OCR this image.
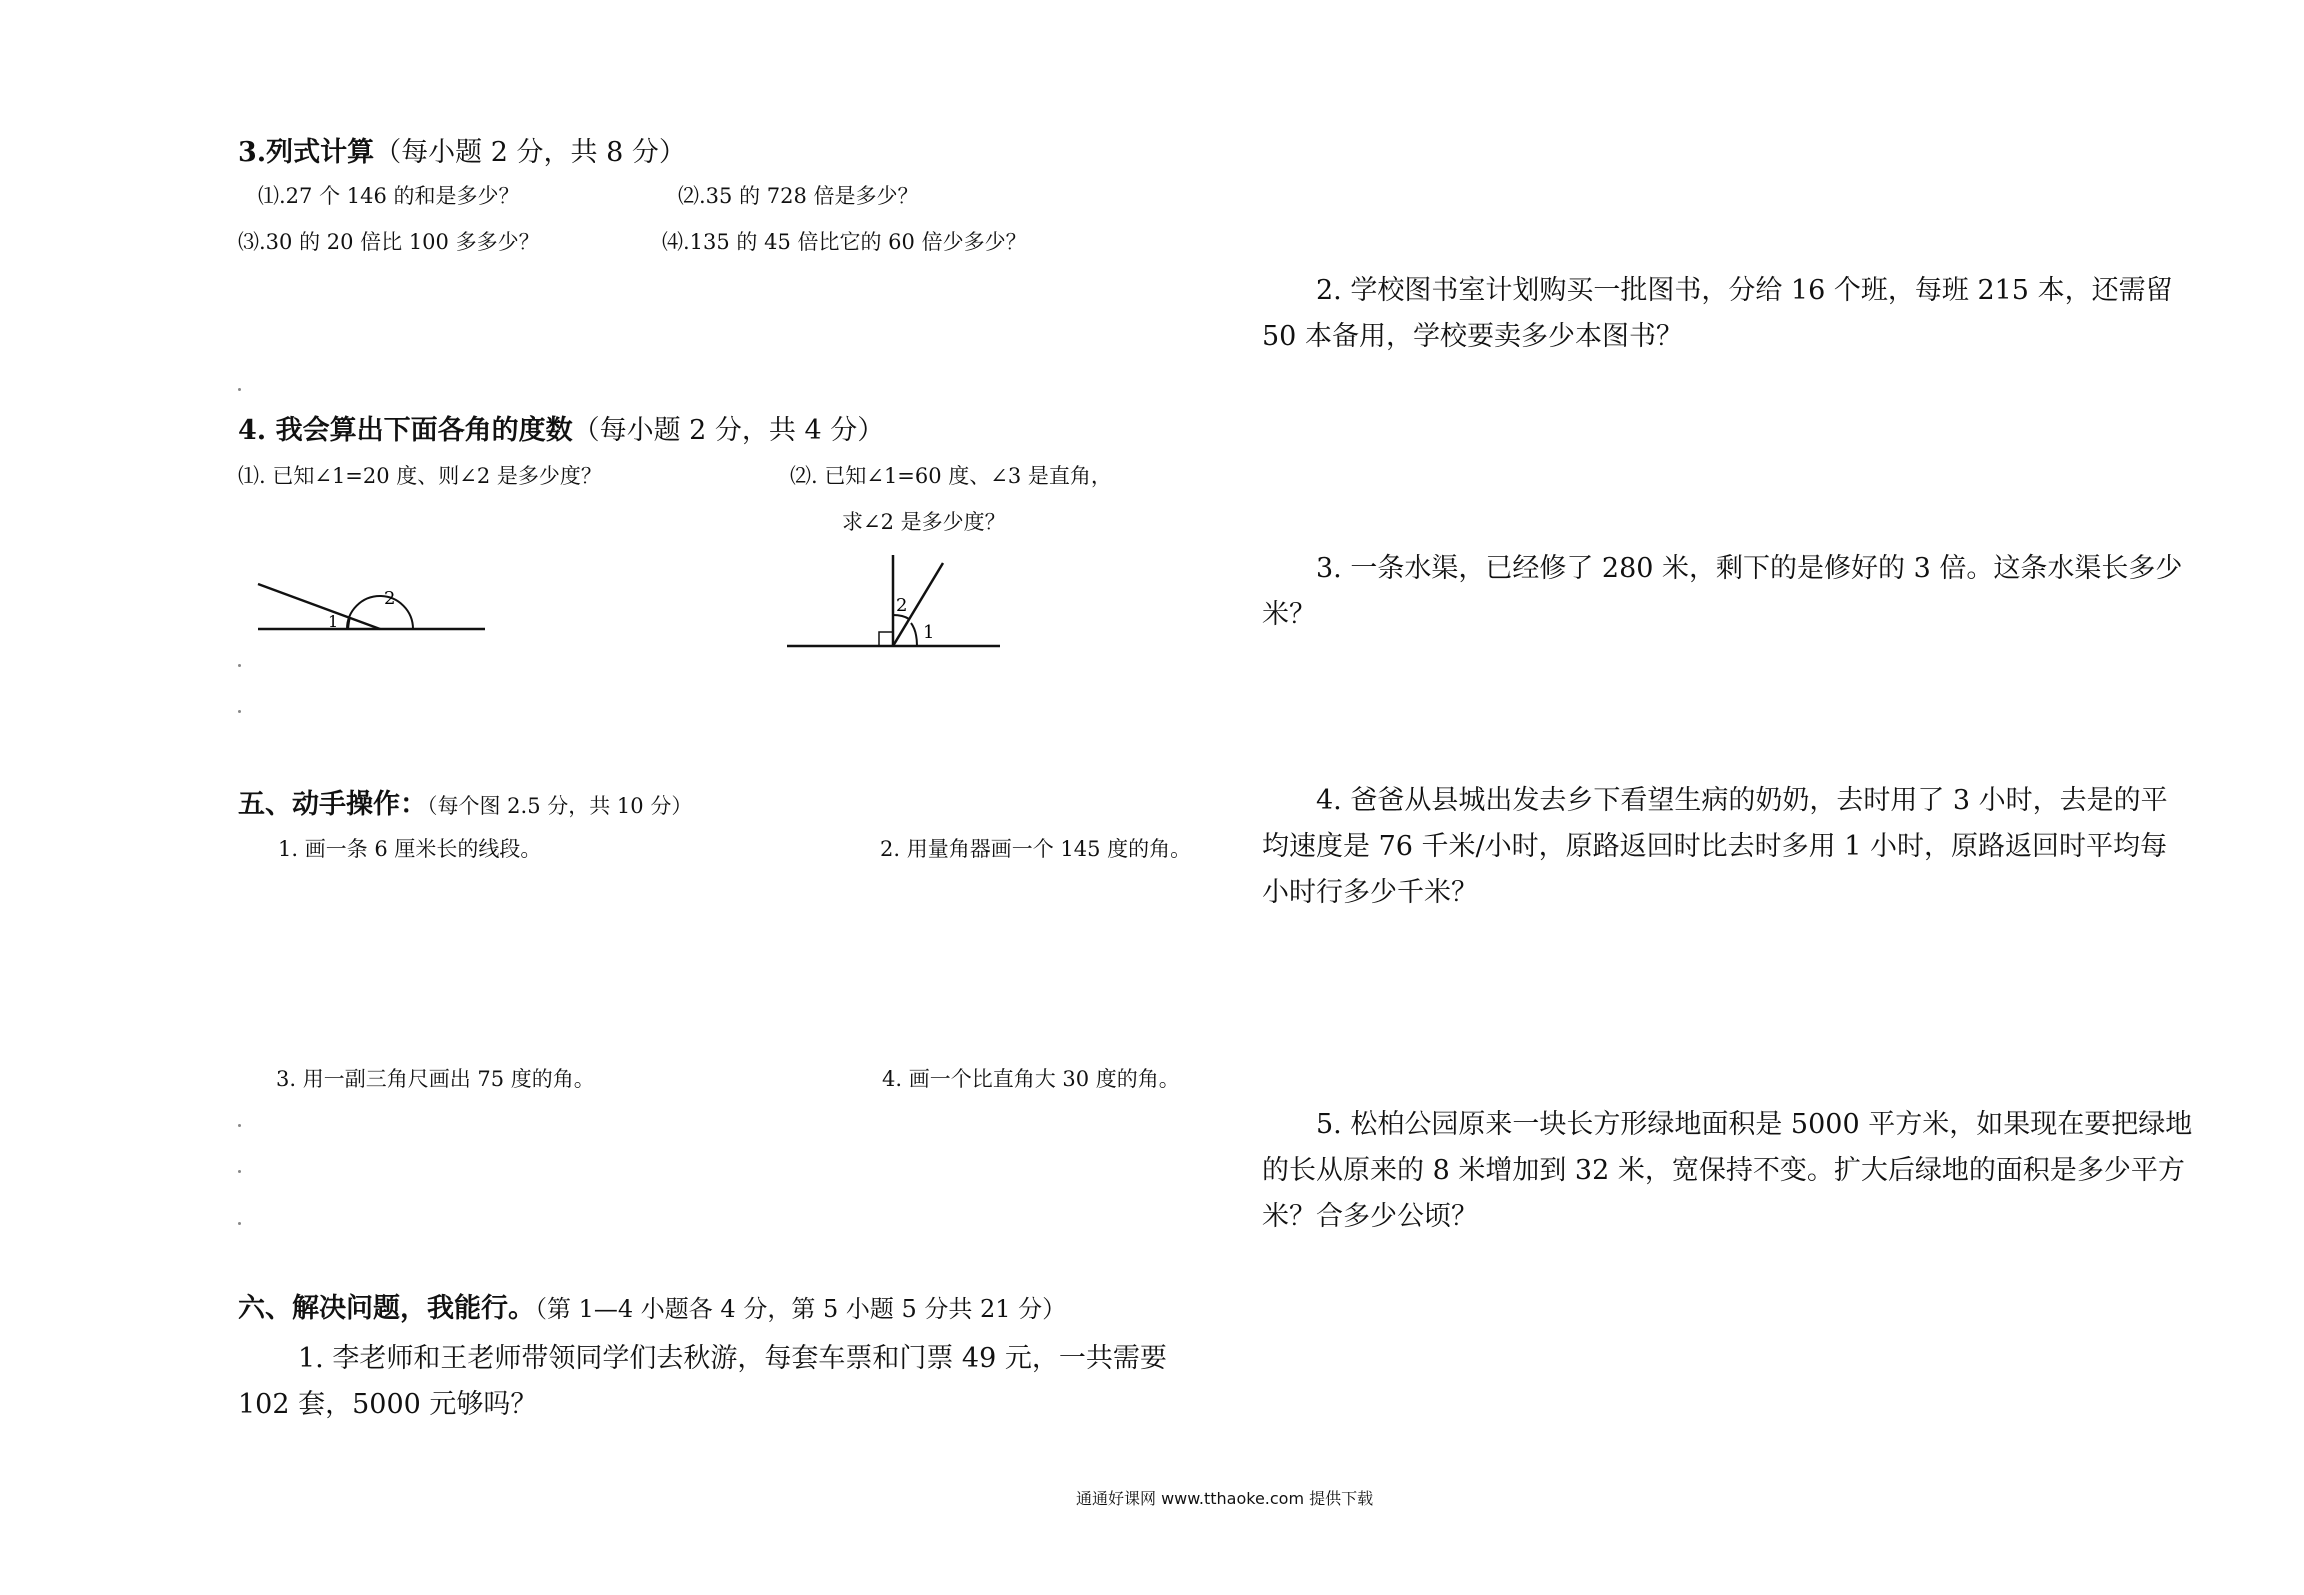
3.列式计算（每小题 2 分，共 8 分）
⑴.27 个 146 的和是多少？	⑵.35 的 728 倍是多少？
⑶.30 的 20 倍比 100 多多少？	⑷.135 的 45 倍比它的 60 倍少多少？
4. 我会算出下面各角的度数（每小题 2 分，共 4 分）
⑴. 已知∠1=20 度、则∠2 是多少度？	⑵. 已知∠1=60 度、∠3 是直角，
求∠2 是多少度？
2
1
2
1
五、动手操作：（每个图 2.5 分，共 10 分）
1. 画一条 6 厘米长的线段。	2. 用量角器画一个 145 度的角。
3. 用一副三角尺画出 75 度的角。	4. 画一个比直角大 30 度的角。
六、解决问题，我能行。（第 1—4 小题各 4 分，第 5 小题 5 分共 21 分）
1. 李老师和王老师带领同学们去秋游，每套车票和门票 49 元，一共需要
102 套，5000 元够吗？
2. 学校图书室计划购买一批图书，分给 16 个班，每班 215 本，还需留
50 本备用，学校要卖多少本图书？
3. 一条水渠，已经修了 280 米，剩下的是修好的 3 倍。这条水渠长多少
米？
4. 爸爸从县城出发去乡下看望生病的奶奶，去时用了 3 小时，去是的平
均速度是 76 千米/小时，原路返回时比去时多用 1 小时，原路返回时平均每
小时行多少千米？
5. 松柏公园原来一块长方形绿地面积是 5000 平方米，如果现在要把绿地
的长从原来的 8 米增加到 32 米，宽保持不变。扩大后绿地的面积是多少平方
米？合多少公顷？
通通好课网 www.tthaoke.com 提供下载
